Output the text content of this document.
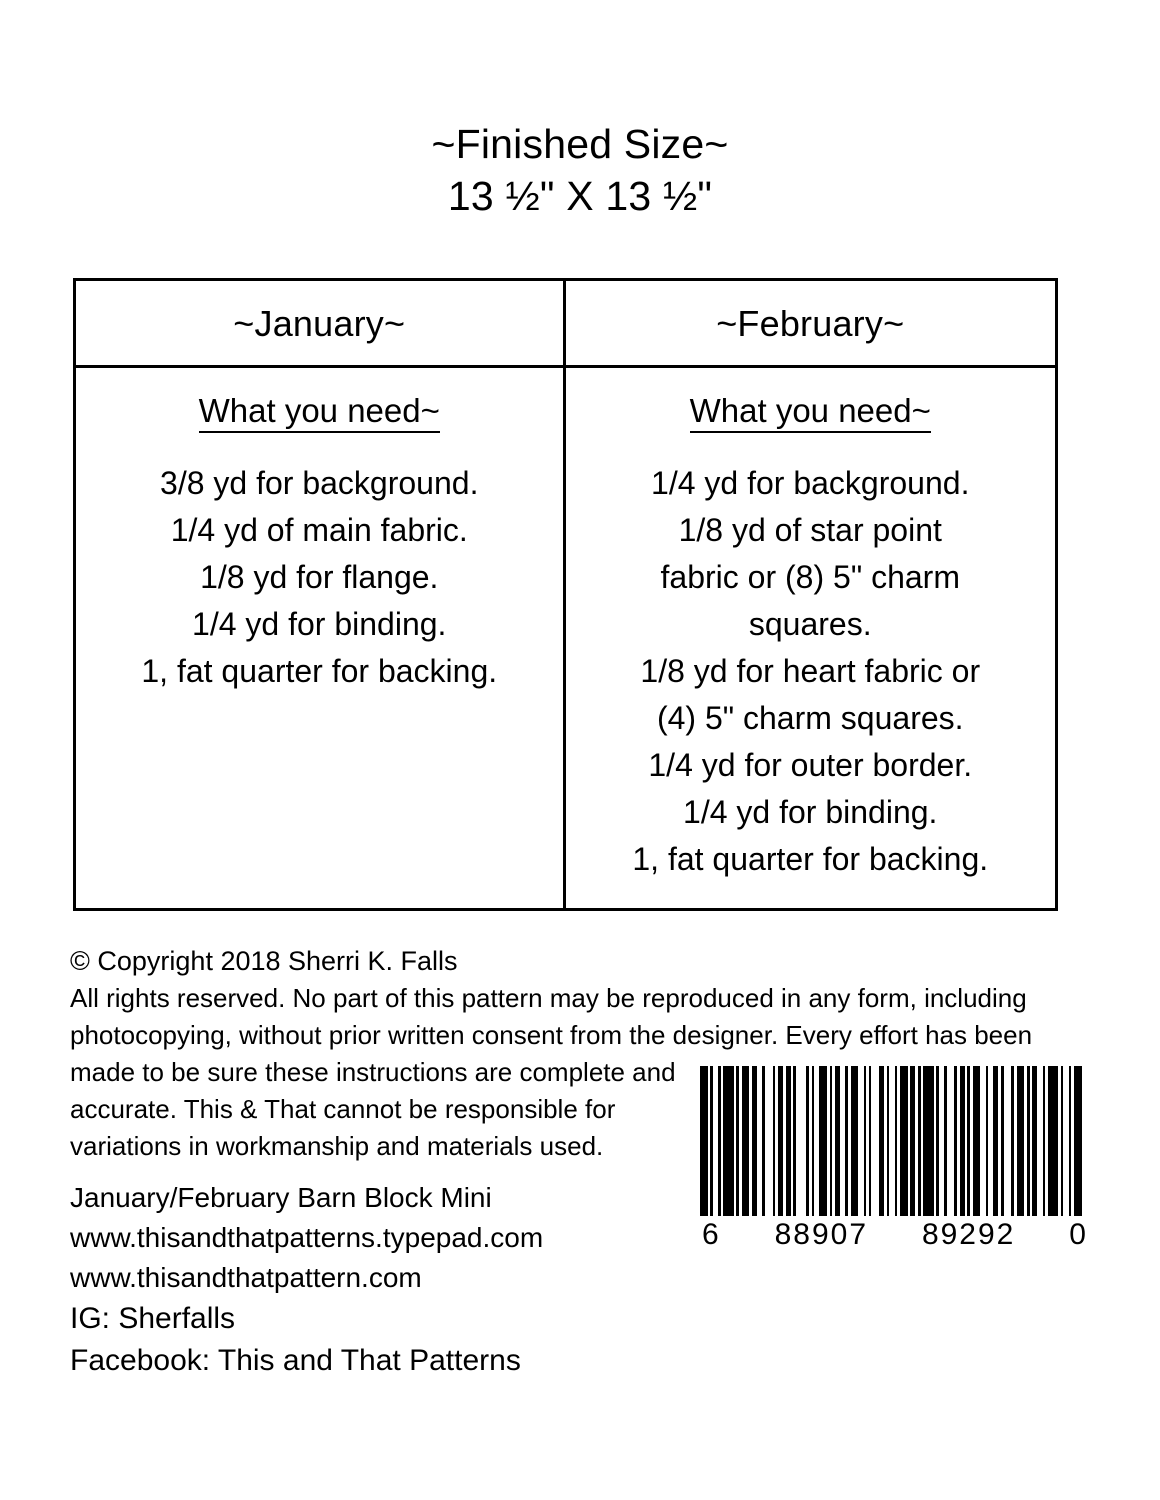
~Finished Size~
13 ½" X 13 ½"
~January~	~February~
What you need~
3/8 yd for background.
1/4 yd of main fabric.
1/8 yd for flange.
1/4 yd for binding.
1, fat quarter for backing.
What you need~
1/4 yd for background.
1/8 yd of star point
fabric or (8) 5" charm
squares.
1/8 yd for heart fabric or
(4) 5" charm squares.
1/4 yd for outer border.
1/4 yd for binding.
1, fat quarter for backing.
© Copyright 2018 Sherri K. Falls
All rights reserved. No part of this pattern may be reproduced in any form, including
photocopying, without prior written consent from the designer. Every effort has been
made to be sure these instructions are complete and
accurate. This & That cannot be responsible for
variations in workmanship and materials used.
January/February Barn Block Mini
www.thisandthatpatterns.typepad.com
www.thisandthatpattern.com
IG: Sherfalls
Facebook: This and That Patterns
6 88907 89292 0
